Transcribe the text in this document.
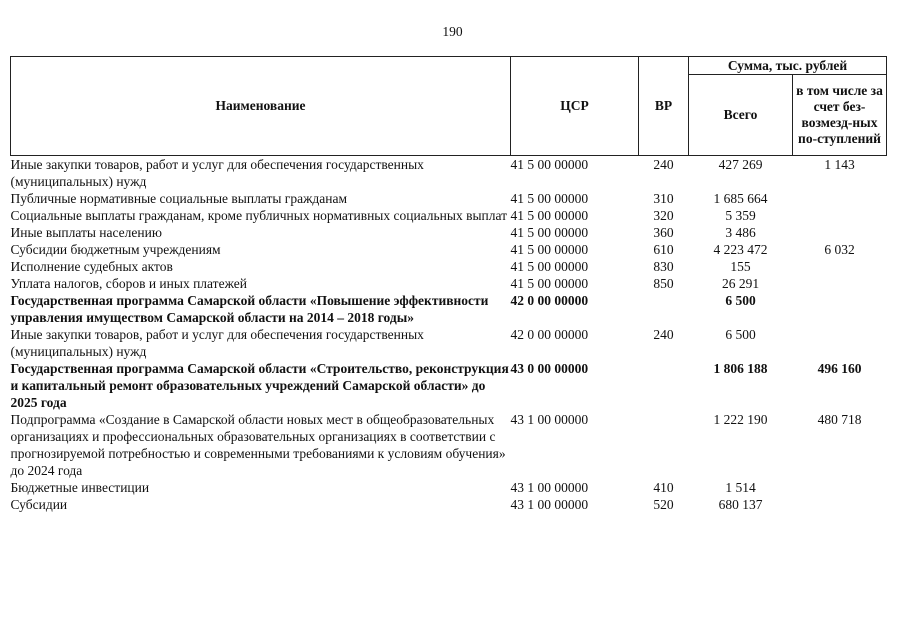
190
Наименование	ЦСР	ВР	Сумма, тыс. рублей	
			Всего	в том числе за счет без-возмезд-ных по-ступлений
Иные закупки товаров, работ и услуг для обеспечения государственных (муниципальных) нужд	41 5 00 00000	240	427 269	1 143
Публичные нормативные социальные выплаты гражданам	41 5 00 00000	310	1 685 664	
Социальные выплаты гражданам, кроме публичных нормативных социальных выплат	41 5 00 00000	320	5 359	
Иные выплаты населению	41 5 00 00000	360	3 486	
Субсидии бюджетным учреждениям	41 5 00 00000	610	4 223 472	6 032
Исполнение судебных актов	41 5 00 00000	830	155	
Уплата налогов, сборов и иных платежей	41 5 00 00000	850	26 291	
Государственная программа Самарской области «Повышение эффективности управления имуществом Самарской области на 2014 – 2018 годы»	42 0 00 00000		6 500	
Иные закупки товаров, работ и услуг для обеспечения государственных (муниципальных) нужд	42 0 00 00000	240	6 500	
Государственная программа Самарской области «Строительство, реконструкция и капитальный ремонт образовательных учреждений Самарской области» до 2025 года	43 0 00 00000		1 806 188	496 160
Подпрограмма «Создание в Самарской области новых мест в общеобразовательных организациях и профессиональных образовательных организациях в соответствии с прогнозируемой потребностью и современными требованиями к условиям обучения» до 2024 года	43 1 00 00000		1 222 190	480 718
Бюджетные инвестиции	43 1 00 00000	410	1 514	
Субсидии	43 1 00 00000	520	680 137	
